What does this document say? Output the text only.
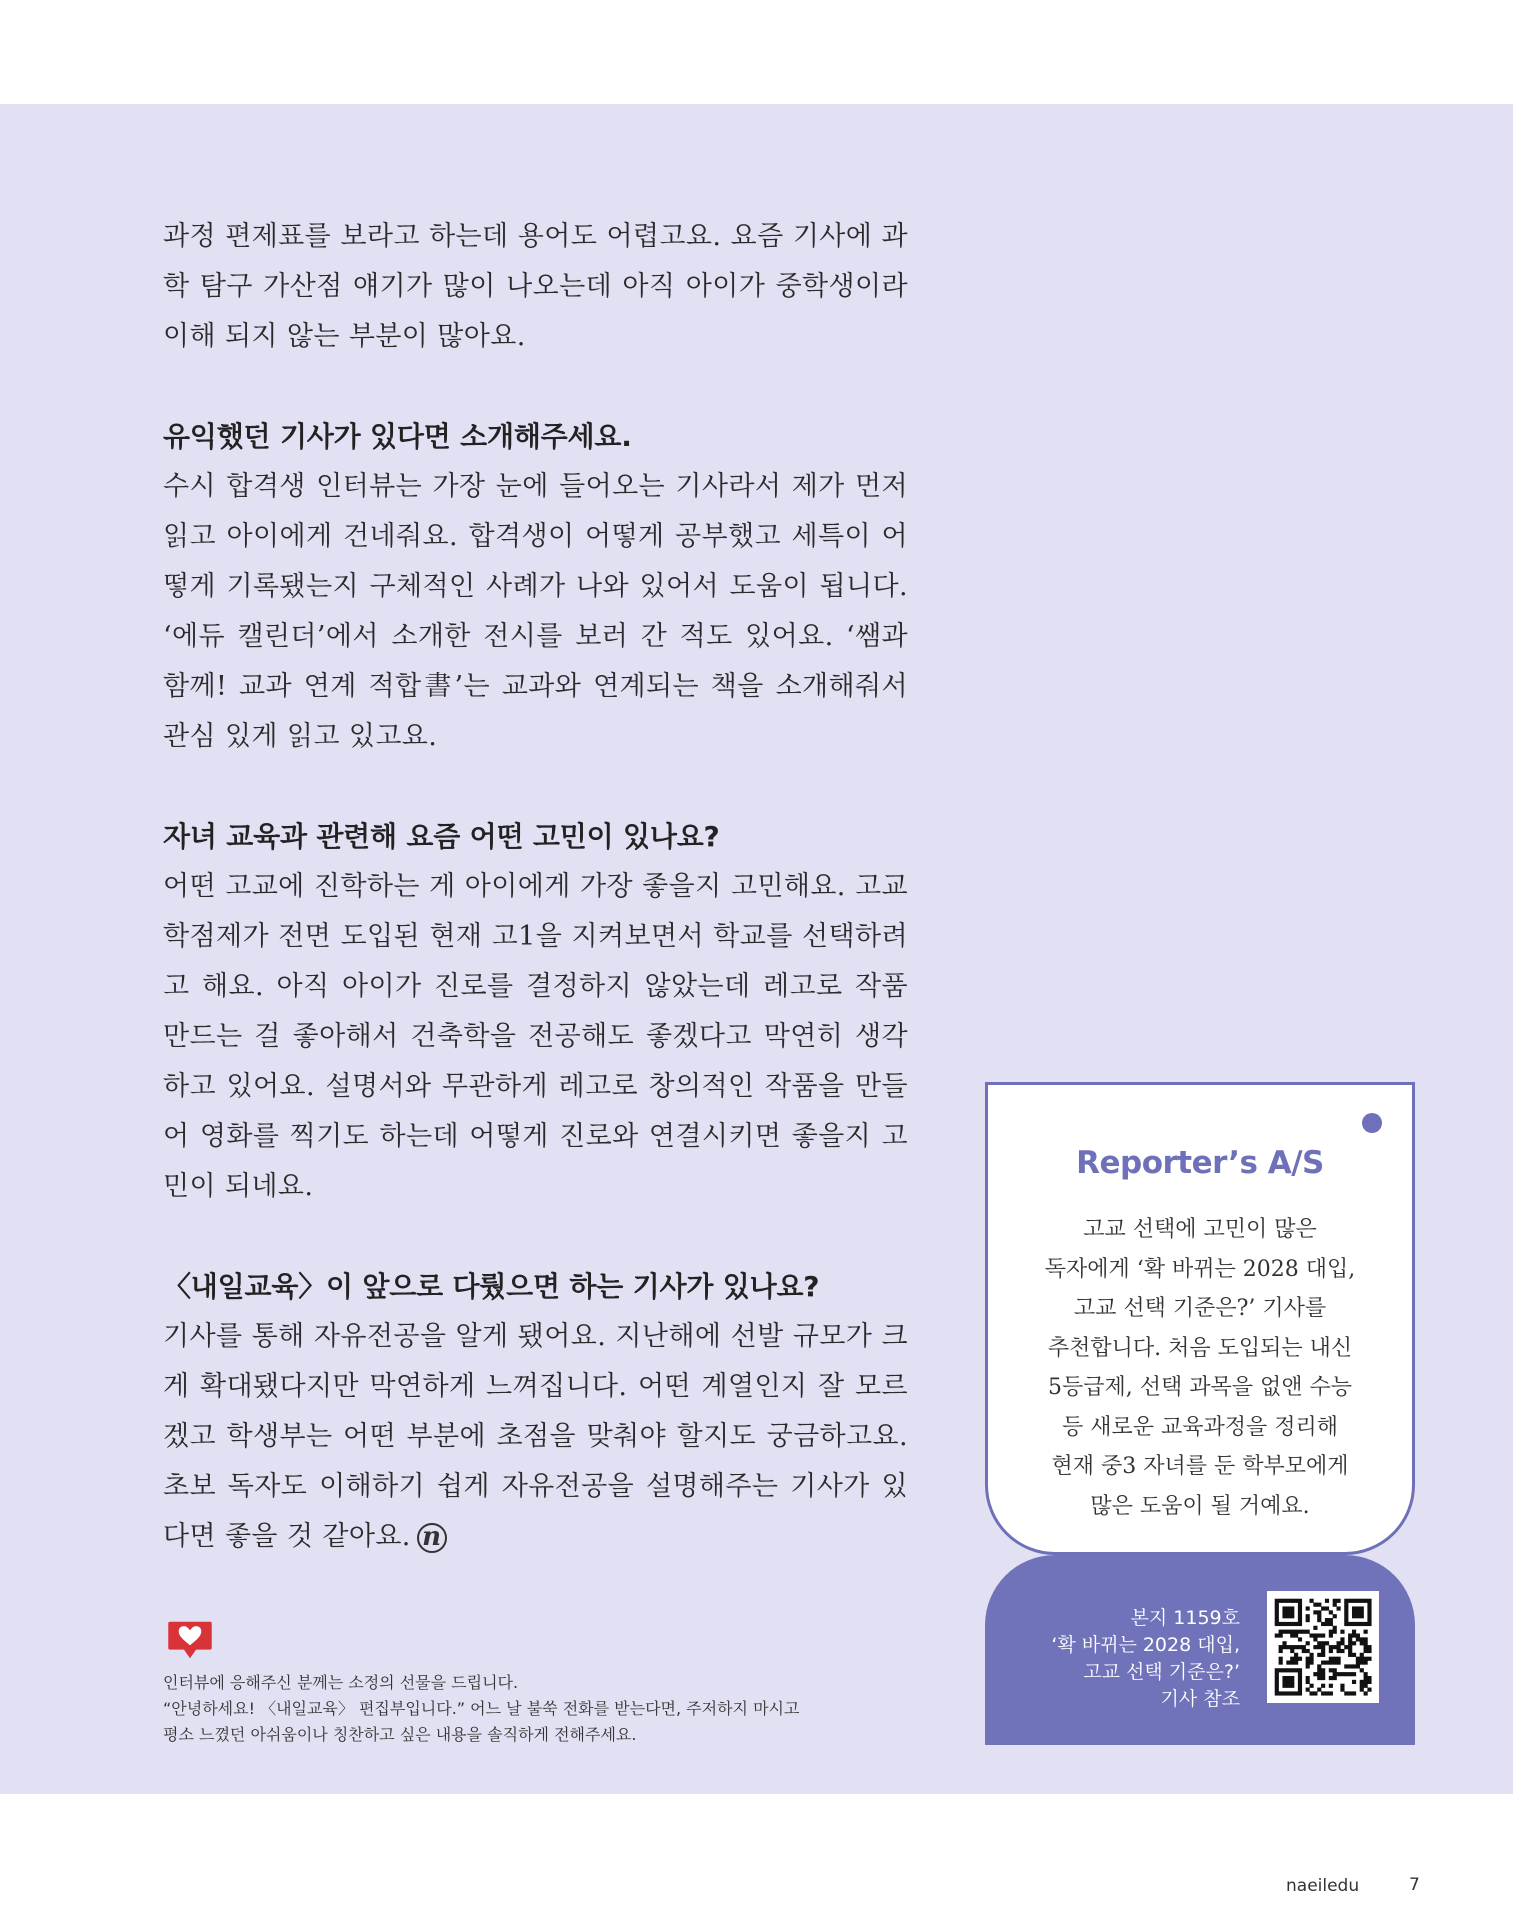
과정 편제표를 보라고 하는데 용어도 어렵고요. 요즘 기사에 과학 탐구 가산점 얘기가 많이 나오는데 아직 아이가 중학생이라 이해 되지 않는 부분이 많아요.

유익했던 기사가 있다면 소개해주세요.

수시 합격생 인터뷰는 가장 눈에 들어오는 기사라서 제가 먼저 읽고 아이에게 건네줘요. 합격생이 어떻게 공부했고 세특이 어떻게 기록됐는지 구체적인 사례가 나와 있어서 도움이 됩니다. ‘에듀 캘린더’에서 소개한 전시를 보러 간 적도 있어요. ‘쌤과 함께! 교과 연계 적합書’는 교과와 연계되는 책을 소개해줘서 관심 있게 읽고 있고요.

자녀 교육과 관련해 요즘 어떤 고민이 있나요?

어떤 고교에 진학하는 게 아이에게 가장 좋을지 고민해요. 고교학점제가 전면 도입된 현재 고1을 지켜보면서 학교를 선택하려고 해요. 아직 아이가 진로를 결정하지 않았는데 레고로 작품 만드는 걸 좋아해서 건축학을 전공해도 좋겠다고 막연히 생각하고 있어요. 설명서와 무관하게 레고로 창의적인 작품을 만들어 영화를 찍기도 하는데 어떻게 진로와 연결시키면 좋을지 고민이 되네요.

〈내일교육〉이 앞으로 다뤘으면 하는 기사가 있나요?

기사를 통해 자유전공을 알게 됐어요. 지난해에 선발 규모가 크게 확대됐다지만 막연하게 느껴집니다. 어떤 계열인지 잘 모르겠고 학생부는 어떤 부분에 초점을 맞춰야 할지도 궁금하고요. 초보 독자도 이해하기 쉽게 자유전공을 설명해주는 기사가 있다면 좋을 것 같아요. n

인터뷰에 응해주신 분께는 소정의 선물을 드립니다.
“안녕하세요! 〈내일교육〉 편집부입니다.” 어느 날 불쑥 전화를 받는다면, 주저하지 마시고
평소 느꼈던 아쉬움이나 칭찬하고 싶은 내용을 솔직하게 전해주세요.
Reporter’s A/S
고교 선택에 고민이 많은
독자에게 ‘확 바뀌는 2028 대입,
고교 선택 기준은?’ 기사를
추천합니다. 처음 도입되는 내신
5등급제, 선택 과목을 없앤 수능
등 새로운 교육과정을 정리해
현재 중3 자녀를 둔 학부모에게
많은 도움이 될 거예요.
본지 1159호
‘확 바뀌는 2028 대입,
고교 선택 기준은?’
기사 참조
naeiledu	7
